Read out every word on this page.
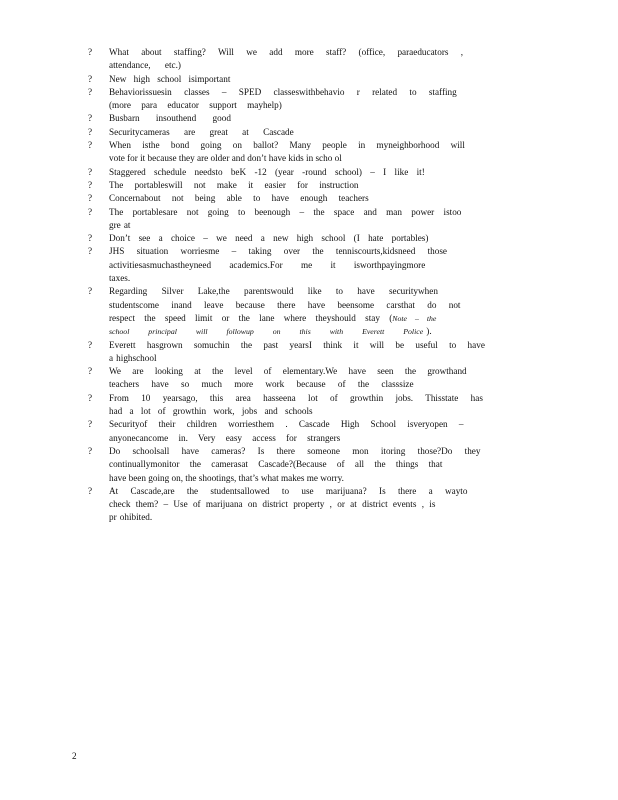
?	What about staffing? Will we add more staff? (office, paraeducators ,
attendance, etc.)
?	New high school isimportant
?	Behaviorissuesin classes – SPED classeswithbehavio r related to staffing
(more para educator support mayhelp)
?	Busbarn insouthend good
?	Securitycameras are great at Cascade
?	When isthe bond going on ballot? Many people in myneighborhood will
vote for it because they are older and don’t have kids in scho ol
?	Staggered schedule needsto beK -12 (year -round school) – I like it!
?	The portableswill not make it easier for instruction
?	Concernabout not being able to have enough teachers
?	The portablesare not going to beenough – the space and man power istoo
gre at
?	Don’t see a choice – we need a new high school (I hate portables)
?	JHS situation worriesme – taking over the tenniscourts,kidsneed those
activitiesasmuchastheyneed academics.For me it isworthpayingmore
taxes.
?	Regarding Silver Lake,the parentswould like to have securitywhen
studentscome inand leave because there have beensome carsthat do not
respect the speed limit or the lane where theyshould stay (Note – the
school principal will followup on this with Everett Police ).
?	Everett hasgrown somuchin the past yearsI think it will be useful to have
a highschool
?	We are looking at the level of elementary.We have seen the growthand
teachers have so much more work because of the classsize
?	From 10 yearsago, this area hasseena lot of growthin jobs. Thisstate has
had a lot of growthin work, jobs and schools
?	Securityof their children worriesthem . Cascade High School isveryopen –
anyonecancome in. Very easy access for strangers
?	Do schoolsall have cameras? Is there someone mon itoring those?Do they
continuallymonitor the camerasat Cascade?(Because of all the things that
have been going on, the shootings, that’s what makes me worry.
?	At Cascade,are the studentsallowed to use marijuana? Is there a wayto
check them? – Use of marijuana on district property , or at district events , is
pr ohibited.
2
